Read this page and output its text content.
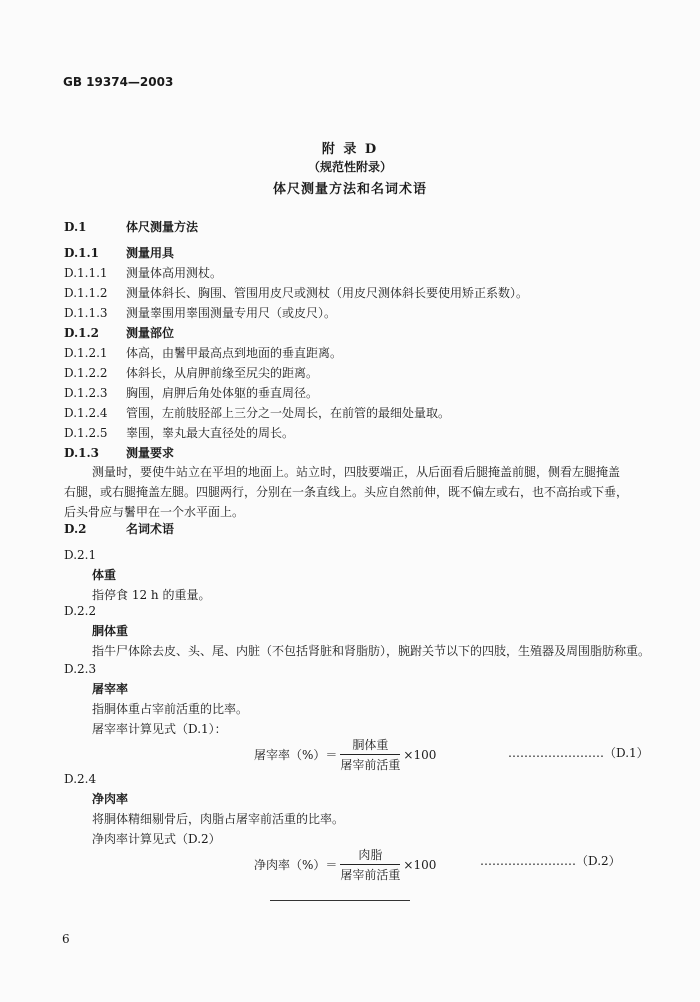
GB 19374—2003
附 录 D
（规范性附录）
体尺测量方法和名词术语
D.1	体尺测量方法
D.1.1 测量用具
D.1.1.1 测量体高用测杖。
D.1.1.2 测量体斜长、胸围、管围用皮尺或测杖（用皮尺测体斜长要使用矫正系数）。
D.1.1.3 测量睾围用睾围测量专用尺（或皮尺）。
D.1.2 测量部位
D.1.2.1 体高，由鬐甲最高点到地面的垂直距离。
D.1.2.2 体斜长，从肩胛前缘至尻尖的距离。
D.1.2.3 胸围，肩胛后角处体躯的垂直周径。
D.1.2.4 管围，左前肢胫部上三分之一处周长，在前管的最细处量取。
D.1.2.5 睾围，睾丸最大直径处的周长。
D.1.3 测量要求
测量时，要使牛站立在平坦的地面上。站立时，四肢要端正，从后面看后腿掩盖前腿，侧看左腿掩盖右腿，或右腿掩盖左腿。四腿两行，分别在一条直线上。头应自然前伸，既不偏左或右，也不高抬或下垂，后头骨应与鬐甲在一个水平面上。
D.2	名词术语
D.2.1
体重
指停食 12 h 的重量。
D.2.2
胴体重
指牛尸体除去皮、头、尾、内脏（不包括肾脏和肾脂肪），腕跗关节以下的四肢，生殖器及周围脂肪称重。
D.2.3
屠宰率
指胴体重占宰前活重的比率。
屠宰率计算见式（D.1）：
屠宰率（%）＝ $\frac{\text{胴体重}}{\text{屠宰前活重}} \times 100$	……………………（D.1）
D.2.4
净肉率
将胴体精细剔骨后，肉脂占屠宰前活重的比率。
净肉率计算见式（D.2）
净肉率（%）＝ $\frac{\text{肉脂}}{\text{屠宰前活重}} \times 100$	……………………（D.2）
6
